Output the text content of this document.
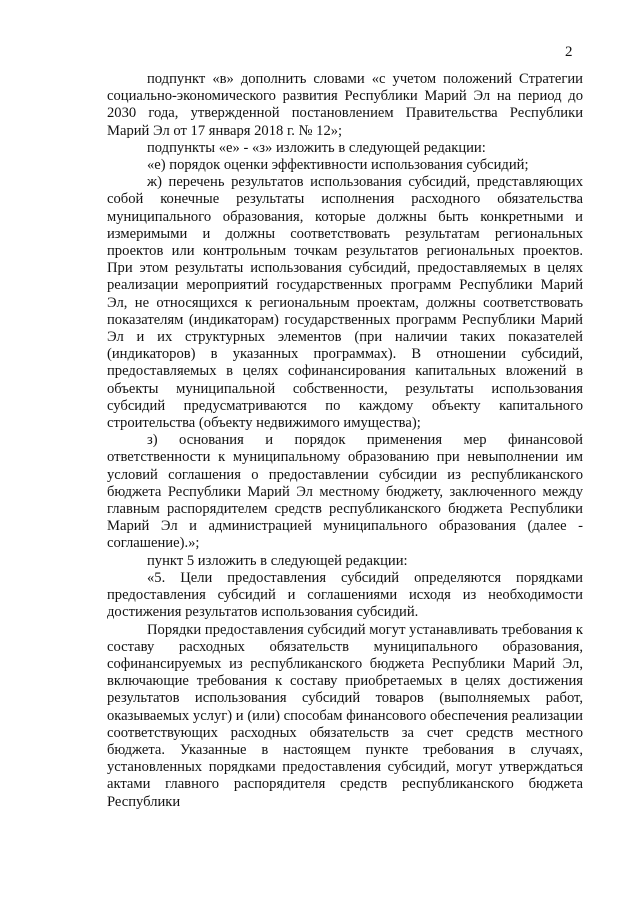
2

подпункт «в» дополнить словами «с учетом положений Стратегии социально-экономического развития Республики Марий Эл на период до 2030 года, утвержденной постановлением Правительства Республики Марий Эл от 17 января 2018 г. № 12»;

подпункты «е» - «з» изложить в следующей редакции:

«е) порядок оценки эффективности использования субсидий;

ж) перечень результатов использования субсидий, представляющих собой конечные результаты исполнения расходного обязательства муниципального образования, которые должны быть конкретными и измеримыми и должны соответствовать результатам региональных проектов или контрольным точкам результатов региональных проектов. При этом результаты использования субсидий, предоставляемых в целях реализации мероприятий государственных программ Республики Марий Эл, не относящихся к региональным проектам, должны соответствовать показателям (индикаторам) государственных программ Республики Марий Эл и их структурных элементов (при наличии таких показателей (индикаторов) в указанных программах). В отношении субсидий, предоставляемых в целях софинансирования капитальных вложений в объекты муниципальной собственности, результаты использования субсидий предусматриваются по каждому объекту капитального строительства (объекту недвижимого имущества);

з) основания и порядок применения мер финансовой ответственности к муниципальному образованию при невыполнении им условий соглашения о предоставлении субсидии из республиканского бюджета Республики Марий Эл местному бюджету, заключенного между главным распорядителем средств республиканского бюджета Республики Марий Эл и администрацией муниципального образования (далее - соглашение).»;

пункт 5 изложить в следующей редакции:

«5. Цели предоставления субсидий определяются порядками предоставления субсидий и соглашениями исходя из необходимости достижения результатов использования субсидий.

Порядки предоставления субсидий могут устанавливать требования к составу расходных обязательств муниципального образования, софинансируемых из республиканского бюджета Республики Марий Эл, включающие требования к составу приобретаемых в целях достижения результатов использования субсидий товаров (выполняемых работ, оказываемых услуг) и (или) способам финансового обеспечения реализации соответствующих расходных обязательств за счет средств местного бюджета. Указанные в настоящем пункте требования в случаях, установленных порядками предоставления субсидий, могут утверждаться актами главного распорядителя средств республиканского бюджета Республики
